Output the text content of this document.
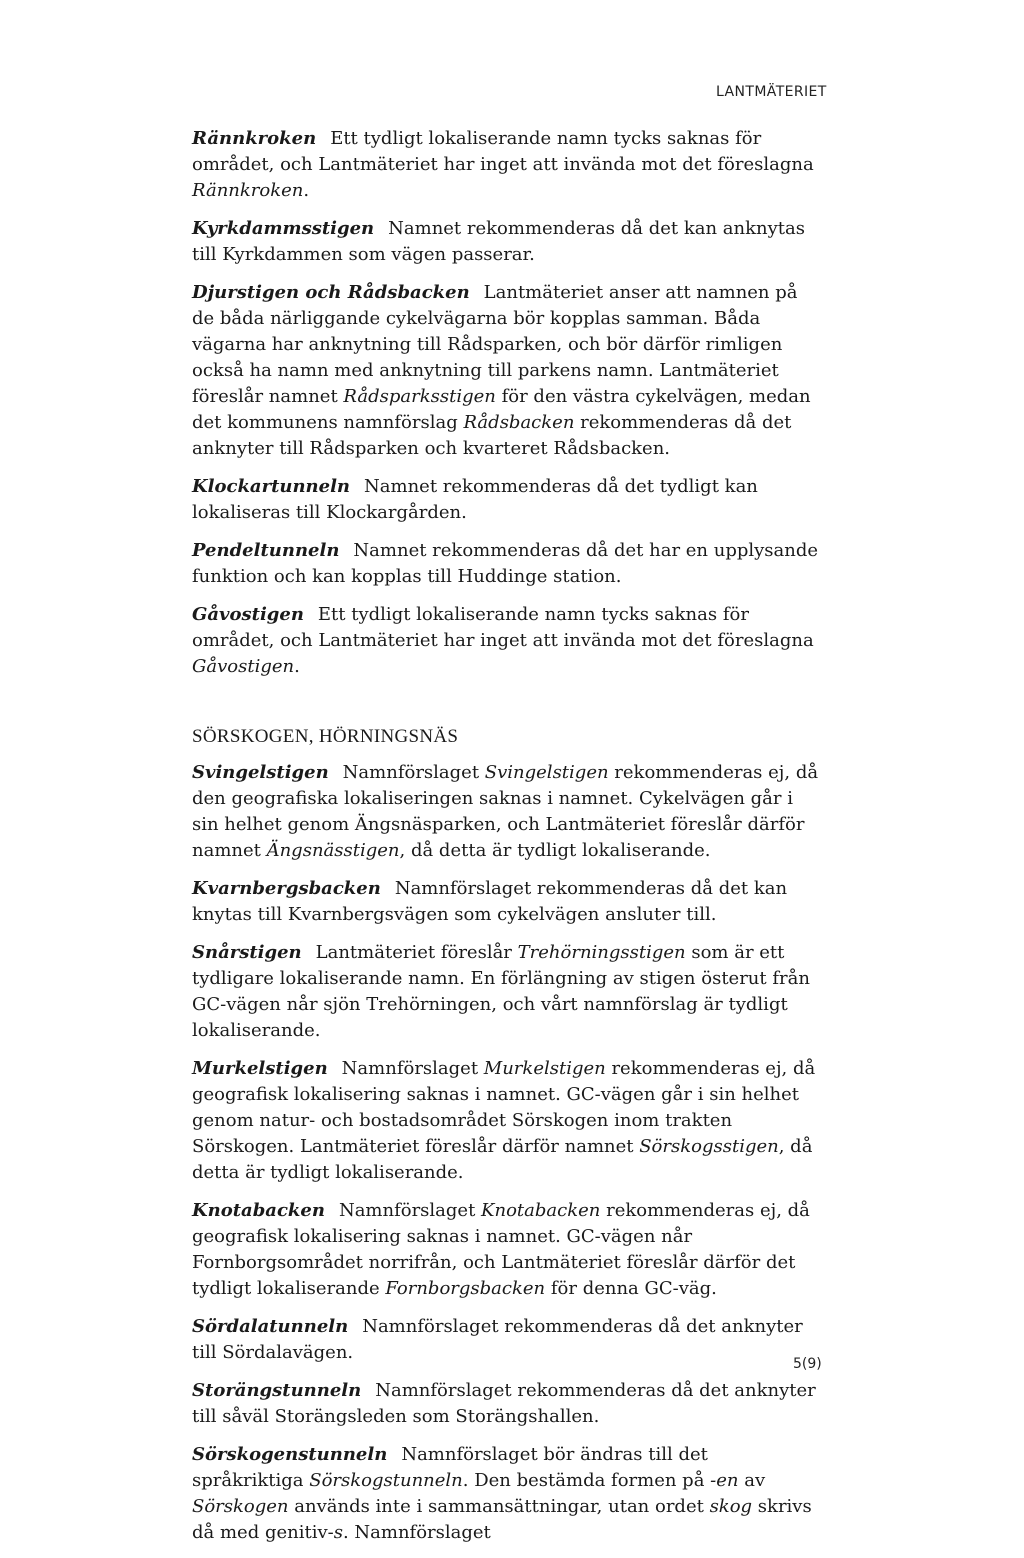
LANTMÄTERIET

Rännkroken Ett tydligt lokaliserande namn tycks saknas för området, och Lantmäteriet har inget att invända mot det föreslagna Rännkroken.

Kyrkdammsstigen Namnet rekommenderas då det kan anknytas till Kyrkdammen som vägen passerar.

Djurstigen och Rådsbacken Lantmäteriet anser att namnen på de båda närliggande cykelvägarna bör kopplas samman. Båda vägarna har anknytning till Rådsparken, och bör därför rimligen också ha namn med anknytning till parkens namn. Lantmäteriet föreslår namnet Rådsparksstigen för den västra cykelvägen, medan det kommunens namnförslag Rådsbacken rekommenderas då det anknyter till Rådsparken och kvarteret Rådsbacken.

Klockartunneln Namnet rekommenderas då det tydligt kan lokaliseras till Klockargården.

Pendeltunneln Namnet rekommenderas då det har en upplysande funktion och kan kopplas till Huddinge station.

Gåvostigen Ett tydligt lokaliserande namn tycks saknas för området, och Lantmäteriet har inget att invända mot det föreslagna Gåvostigen.

SÖRSKOGEN, HÖRNINGSNÄS

Svingelstigen Namnförslaget Svingelstigen rekommenderas ej, då den geografiska lokaliseringen saknas i namnet. Cykelvägen går i sin helhet genom Ängsnäsparken, och Lantmäteriet föreslår därför namnet Ängsnässtigen, då detta är tydligt lokaliserande.

Kvarnbergsbacken Namnförslaget rekommenderas då det kan knytas till Kvarnbergsvägen som cykelvägen ansluter till.

Snårstigen Lantmäteriet föreslår Trehörningsstigen som är ett tydligare lokaliserande namn. En förlängning av stigen österut från GC-vägen når sjön Trehörningen, och vårt namnförslag är tydligt lokaliserande.

Murkelstigen Namnförslaget Murkelstigen rekommenderas ej, då geografisk lokalisering saknas i namnet. GC-vägen går i sin helhet genom natur- och bostadsområdet Sörskogen inom trakten Sörskogen. Lantmäteriet föreslår därför namnet Sörskogsstigen, då detta är tydligt lokaliserande.

Knotabacken Namnförslaget Knotabacken rekommenderas ej, då geografisk lokalisering saknas i namnet. GC-vägen når Fornborgsområdet norrifrån, och Lantmäteriet föreslår därför det tydligt lokaliserande Fornborgsbacken för denna GC-väg.

Sördalatunneln Namnförslaget rekommenderas då det anknyter till Sördalavägen.

Storängstunneln Namnförslaget rekommenderas då det anknyter till såväl Storängsleden som Storängshallen.

Sörskogenstunneln Namnförslaget bör ändras till det språkriktiga Sörskogstunneln. Den bestämda formen på -en av Sörskogen används inte i sammansättningar, utan ordet skog skrivs då med genitiv-s. Namnförslaget

5(9)
